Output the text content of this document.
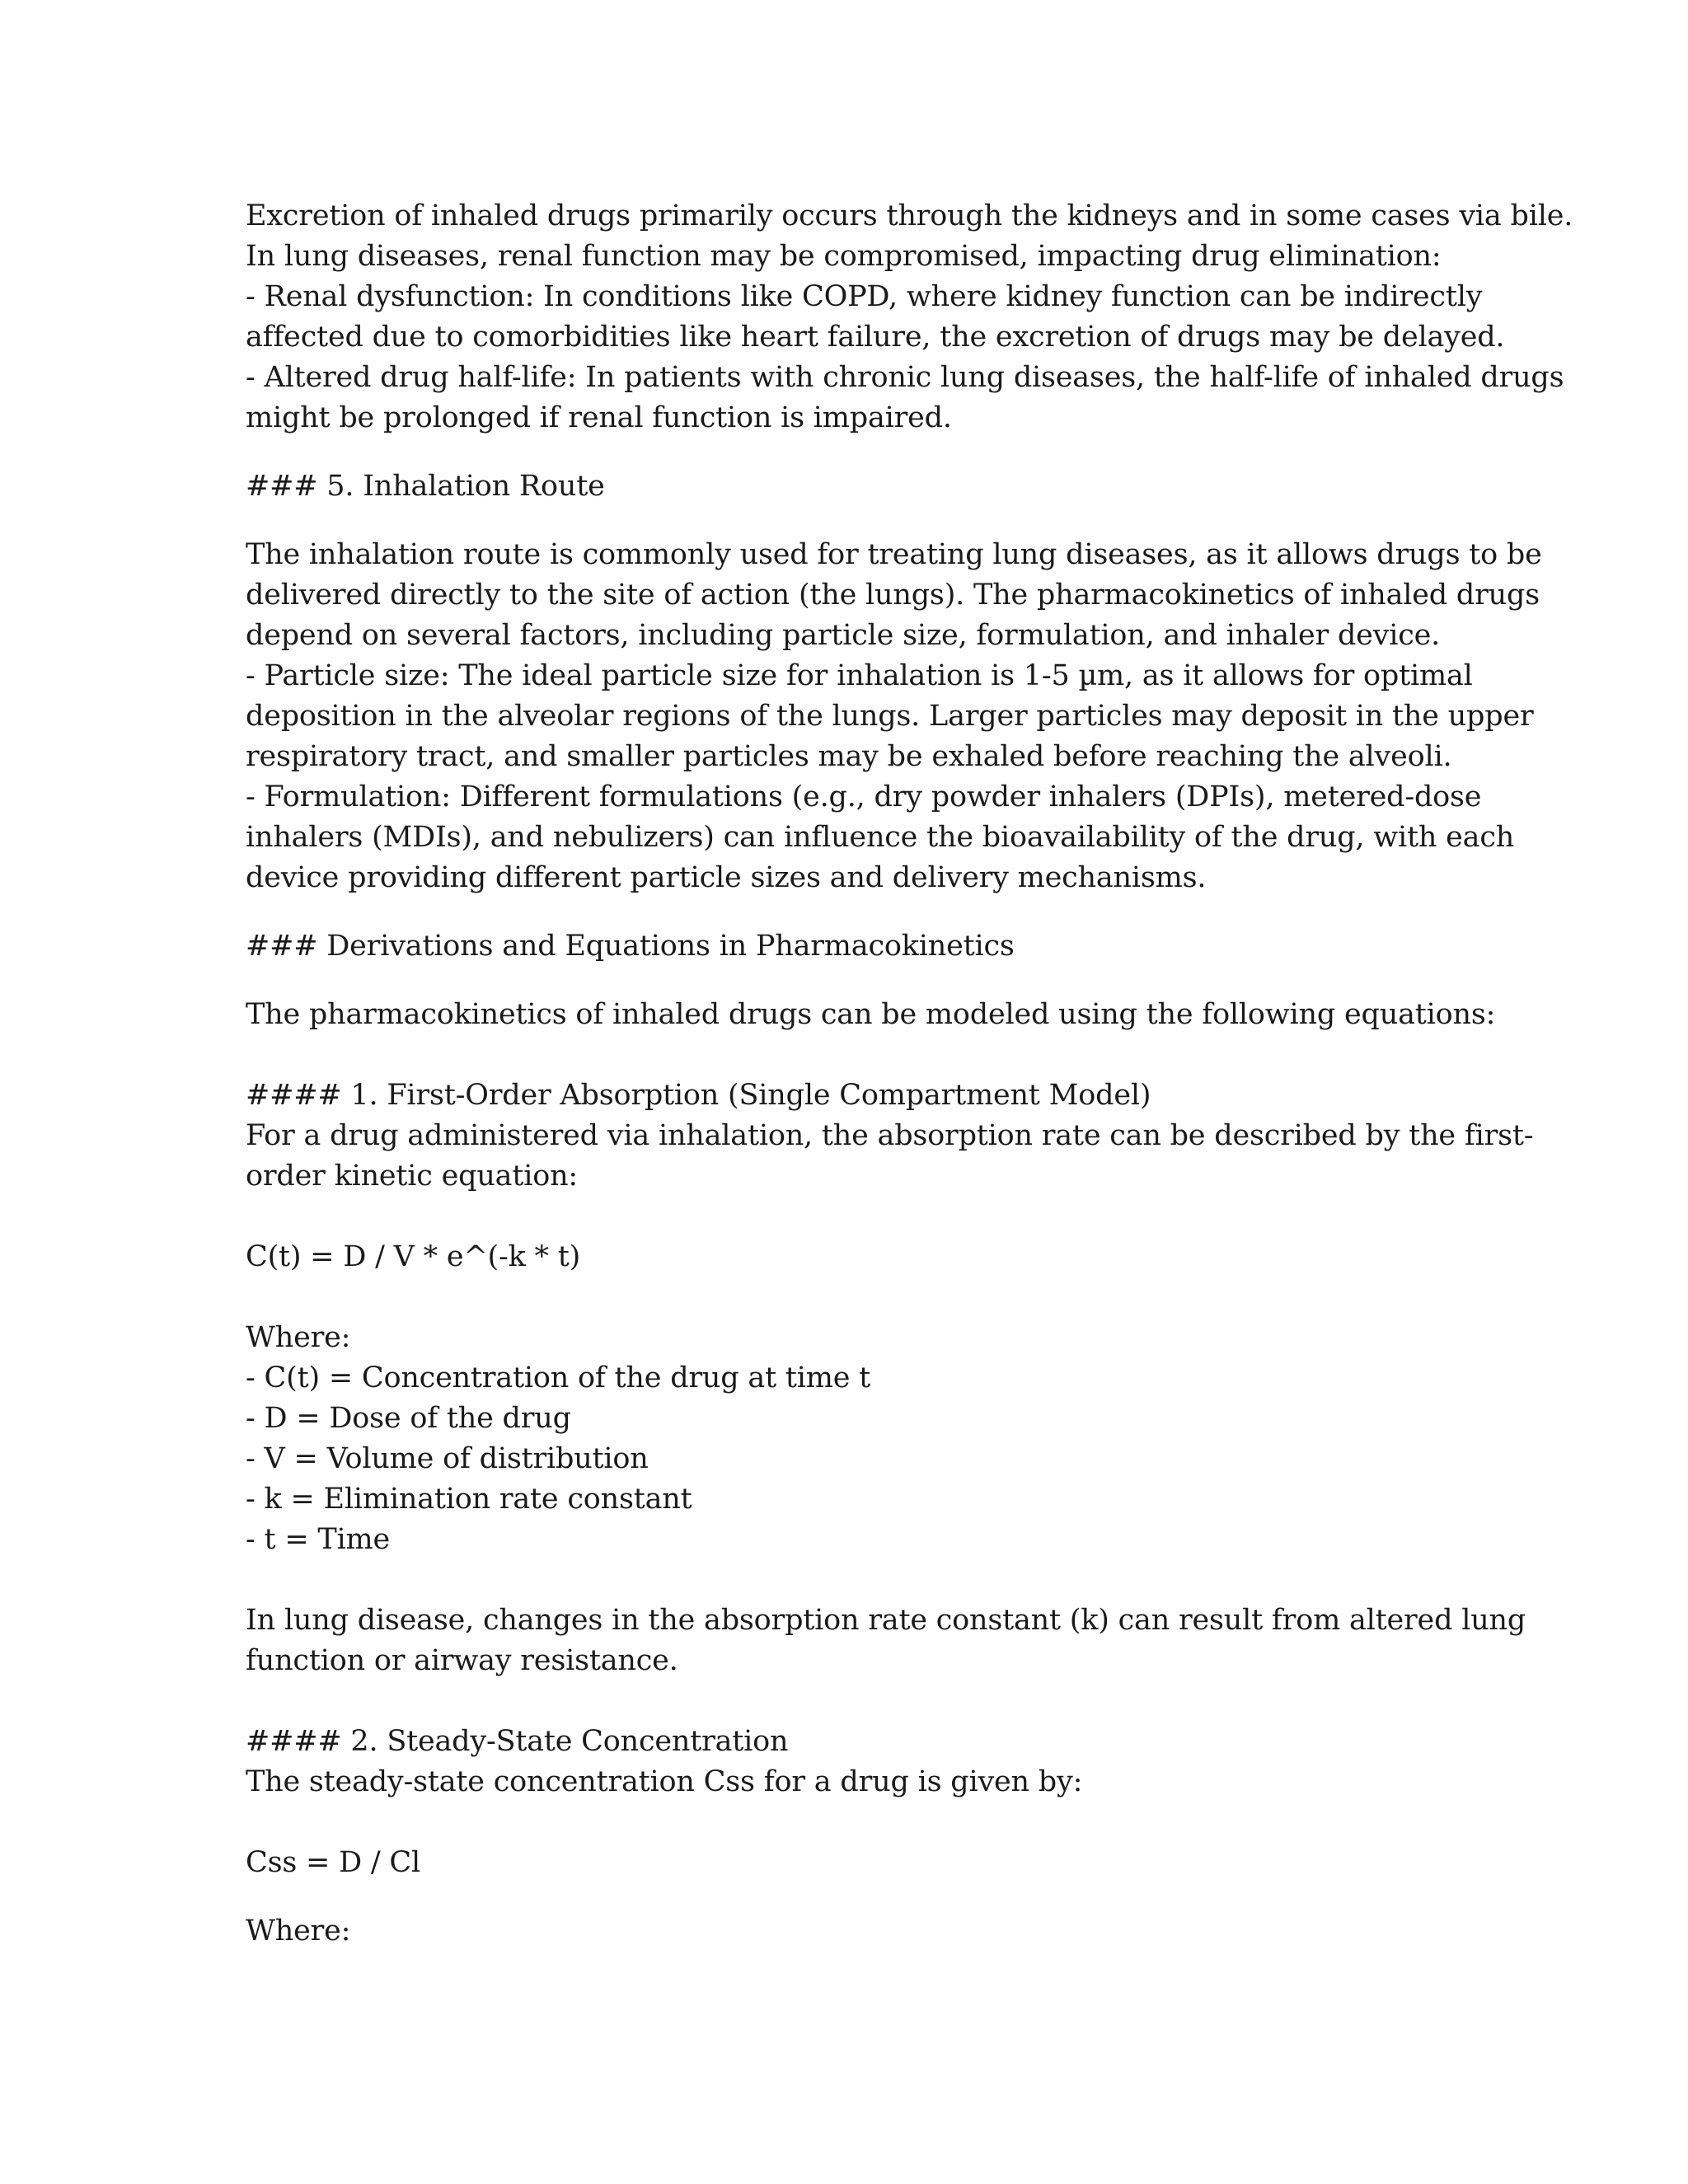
Excretion of inhaled drugs primarily occurs through the kidneys and in some cases via bile.
In lung diseases, renal function may be compromised, impacting drug elimination:
- Renal dysfunction: In conditions like COPD, where kidney function can be indirectly
affected due to comorbidities like heart failure, the excretion of drugs may be delayed.
- Altered drug half-life: In patients with chronic lung diseases, the half-life of inhaled drugs
might be prolonged if renal function is impaired.
### 5. Inhalation Route
The inhalation route is commonly used for treating lung diseases, as it allows drugs to be
delivered directly to the site of action (the lungs). The pharmacokinetics of inhaled drugs
depend on several factors, including particle size, formulation, and inhaler device.
- Particle size: The ideal particle size for inhalation is 1-5 µm, as it allows for optimal
deposition in the alveolar regions of the lungs. Larger particles may deposit in the upper
respiratory tract, and smaller particles may be exhaled before reaching the alveoli.
- Formulation: Different formulations (e.g., dry powder inhalers (DPIs), metered-dose
inhalers (MDIs), and nebulizers) can influence the bioavailability of the drug, with each
device providing different particle sizes and delivery mechanisms.
### Derivations and Equations in Pharmacokinetics
The pharmacokinetics of inhaled drugs can be modeled using the following equations:
#### 1. First-Order Absorption (Single Compartment Model)
For a drug administered via inhalation, the absorption rate can be described by the first-
order kinetic equation:
C(t) = D / V * e^(-k * t)
Where:
- C(t) = Concentration of the drug at time t
- D = Dose of the drug
- V = Volume of distribution
- k = Elimination rate constant
- t = Time
In lung disease, changes in the absorption rate constant (k) can result from altered lung
function or airway resistance.
#### 2. Steady-State Concentration
The steady-state concentration Css for a drug is given by:
Css = D / Cl
Where:
